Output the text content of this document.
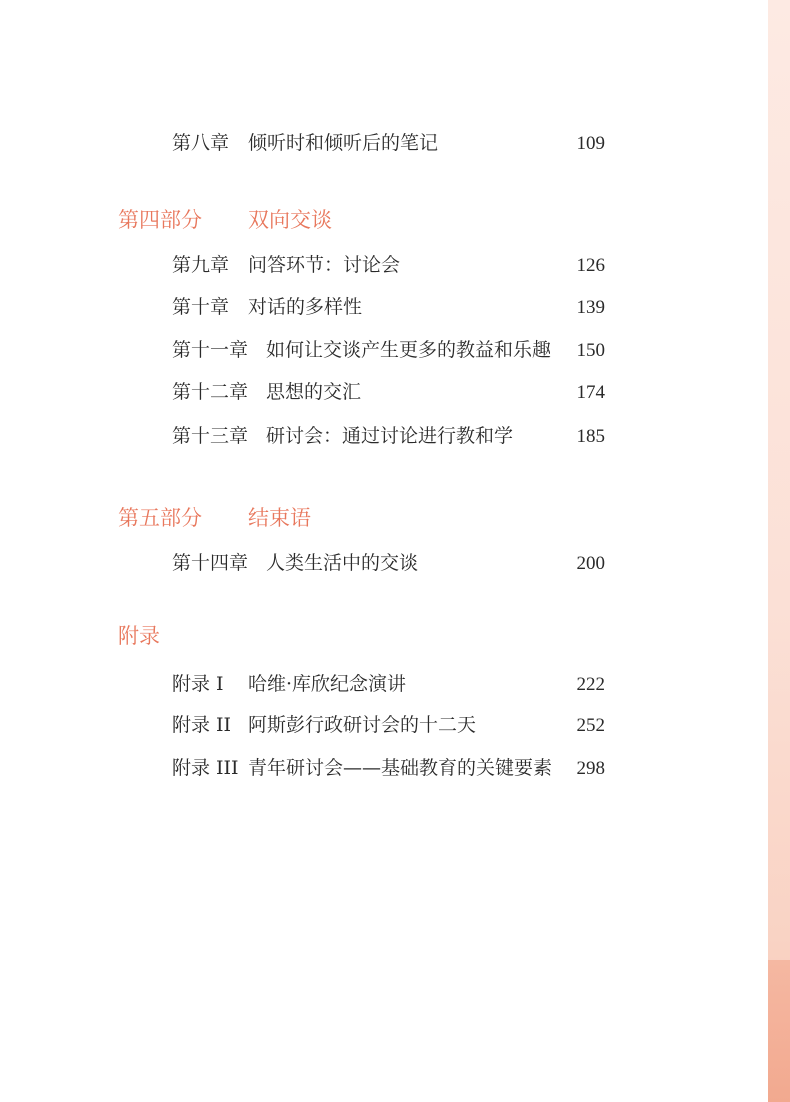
第八章 倾听时和倾听后的笔记	109
第四部分 双向交谈
第九章 问答环节：讨论会	126
第十章 对话的多样性	139
第十一章 如何让交谈产生更多的教益和乐趣 150
第十二章 思想的交汇	174
第十三章 研讨会：通过讨论进行教和学	185
第五部分 结束语
第十四章 人类生活中的交谈	200
附录
附录 I 哈维·库欣纪念演讲	222
附录 II 阿斯彭行政研讨会的十二天	252
附录 III 青年研讨会——基础教育的关键要素 298
